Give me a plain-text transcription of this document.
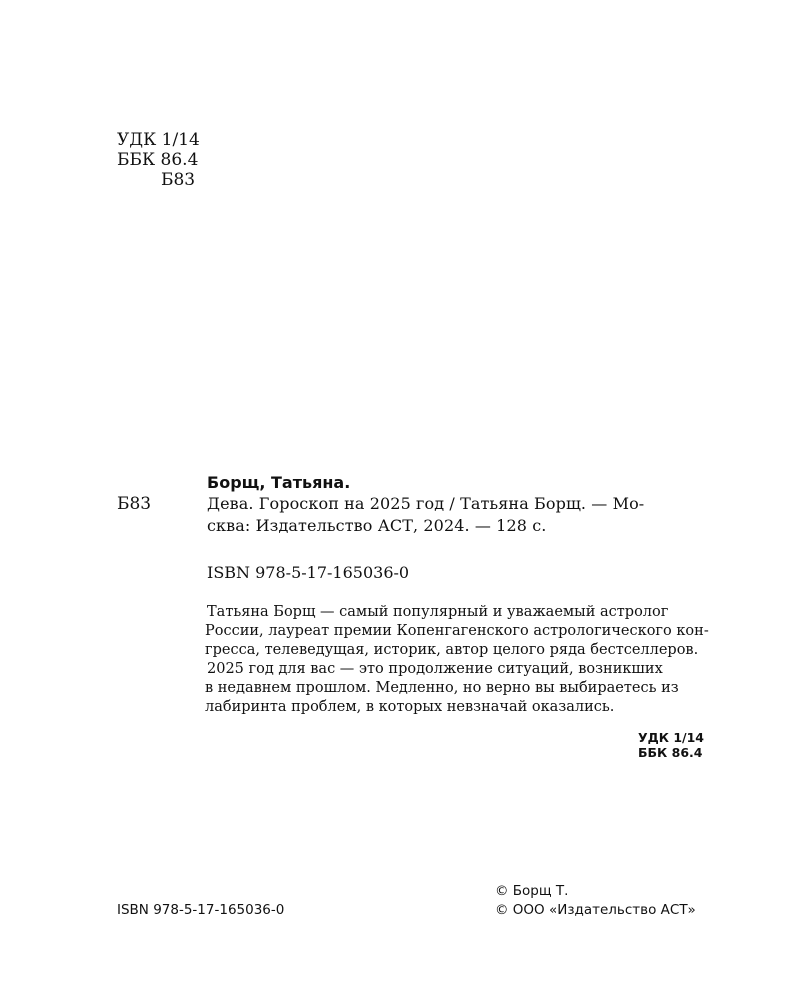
УДК 1/14
ББК 86.4
Б83
Б83

Борщ, Татьяна.

Дева. Гороскоп на 2025 год / Татьяна Борщ. — Мо-

сква: Издательство АСТ, 2024. — 128 с.

ISBN 978-5-17-165036-0

Татьяна Борщ — самый популярный и уважаемый астролог

России, лауреат премии Копенгагенского астрологического кон-

гресса, телеведущая, историк, автор целого ряда бестселлеров.

2025 год для вас — это продолжение ситуаций, возникших

в недавнем прошлом. Медленно, но верно вы выбираетесь из

лабиринта проблем, в которых невзначай оказались.

УДК 1/14
ББК 86.4
ISBN 978-5-17-165036-0
© Борщ Т.
© ООО «Издательство АСТ»
